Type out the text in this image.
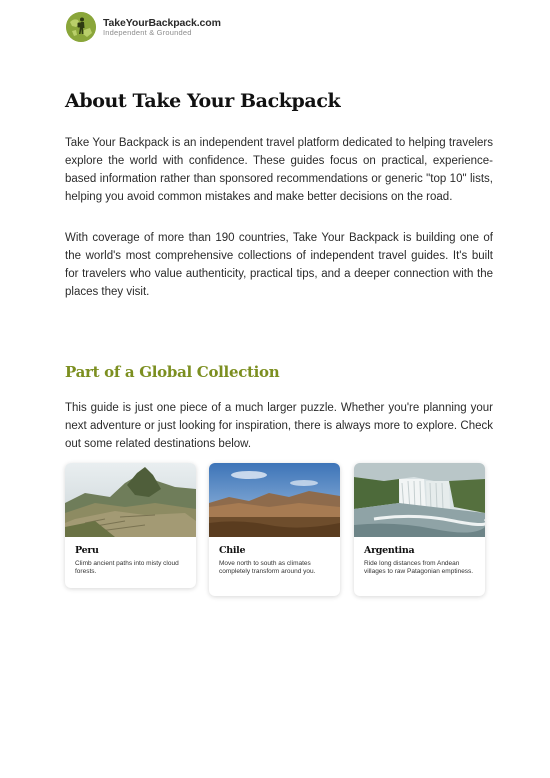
TakeYourBackpack.com
Independent & Grounded
About Take Your Backpack

Take Your Backpack is an independent travel platform dedicated to helping travelers explore the world with confidence. These guides focus on practical, experience-based information rather than sponsored recommendations or generic "top 10" lists, helping you avoid common mistakes and make better decisions on the road.

With coverage of more than 190 countries, Take Your Backpack is building one of the world's most comprehensive collections of independent travel guides. It's built for travelers who value authenticity, practical tips, and a deeper connection with the places they visit.

Part of a Global Collection

This guide is just one piece of a much larger puzzle. Whether you're planning your next adventure or just looking for inspiration, there is always more to explore. Check out some related destinations below.

Peru
Climb ancient paths into misty cloud forests.
Chile
Move north to south as climates completely transform around you.
Argentina
Ride long distances from Andean villages to raw Patagonian emptiness.
